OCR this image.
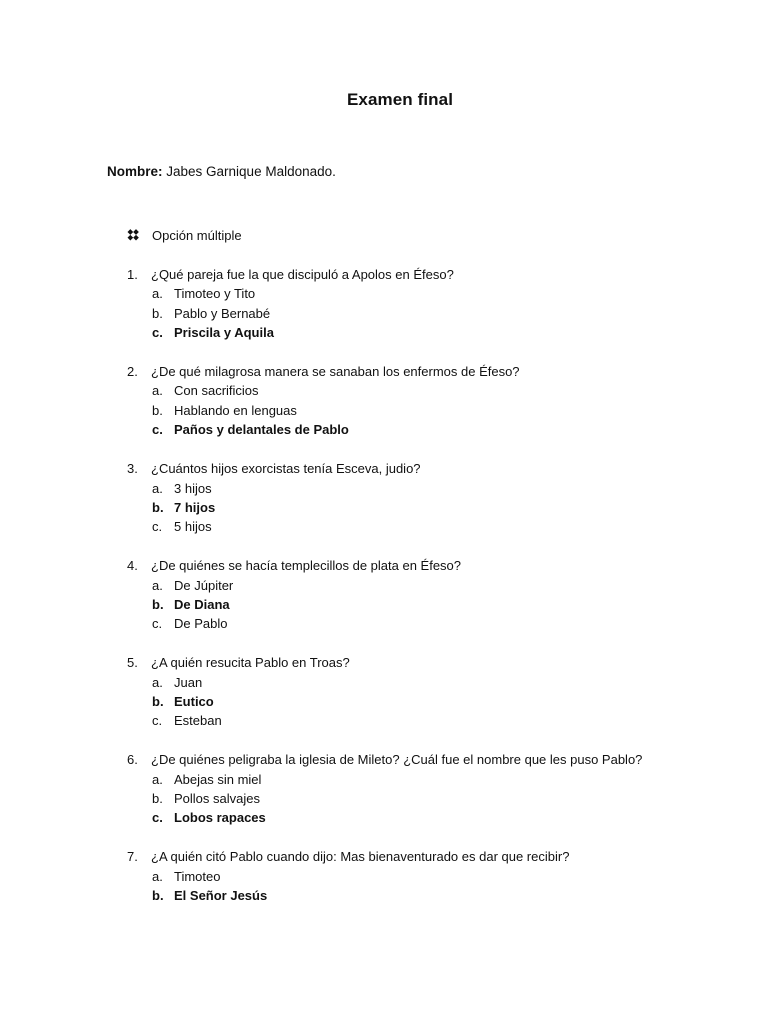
Examen final
Nombre: Jabes Garnique Maldonado.
Opción múltiple
1.	¿Qué pareja fue la que discipuló a Apolos en Éfeso?
a. Timoteo y Tito
b. Pablo y Bernabé
c. Priscila y Aquila
2.	¿De qué milagrosa manera se sanaban los enfermos de Éfeso?
a. Con sacrificios
b. Hablando en lenguas
c. Paños y delantales de Pablo
3.	¿Cuántos hijos exorcistas tenía Esceva, judio?
a. 3 hijos
b. 7 hijos
c. 5 hijos
4.	¿De quiénes se hacía templecillos de plata en Éfeso?
a. De Júpiter
b. De Diana
c. De Pablo
5.	¿A quién resucita Pablo en Troas?
a. Juan
b. Eutico
c. Esteban
6.	¿De quiénes peligraba la iglesia de Mileto? ¿Cuál fue el nombre que les puso Pablo?
a. Abejas sin miel
b. Pollos salvajes
c. Lobos rapaces
7.	¿A quién citó Pablo cuando dijo: Mas bienaventurado es dar que recibir?
a. Timoteo
b. El Señor Jesús
